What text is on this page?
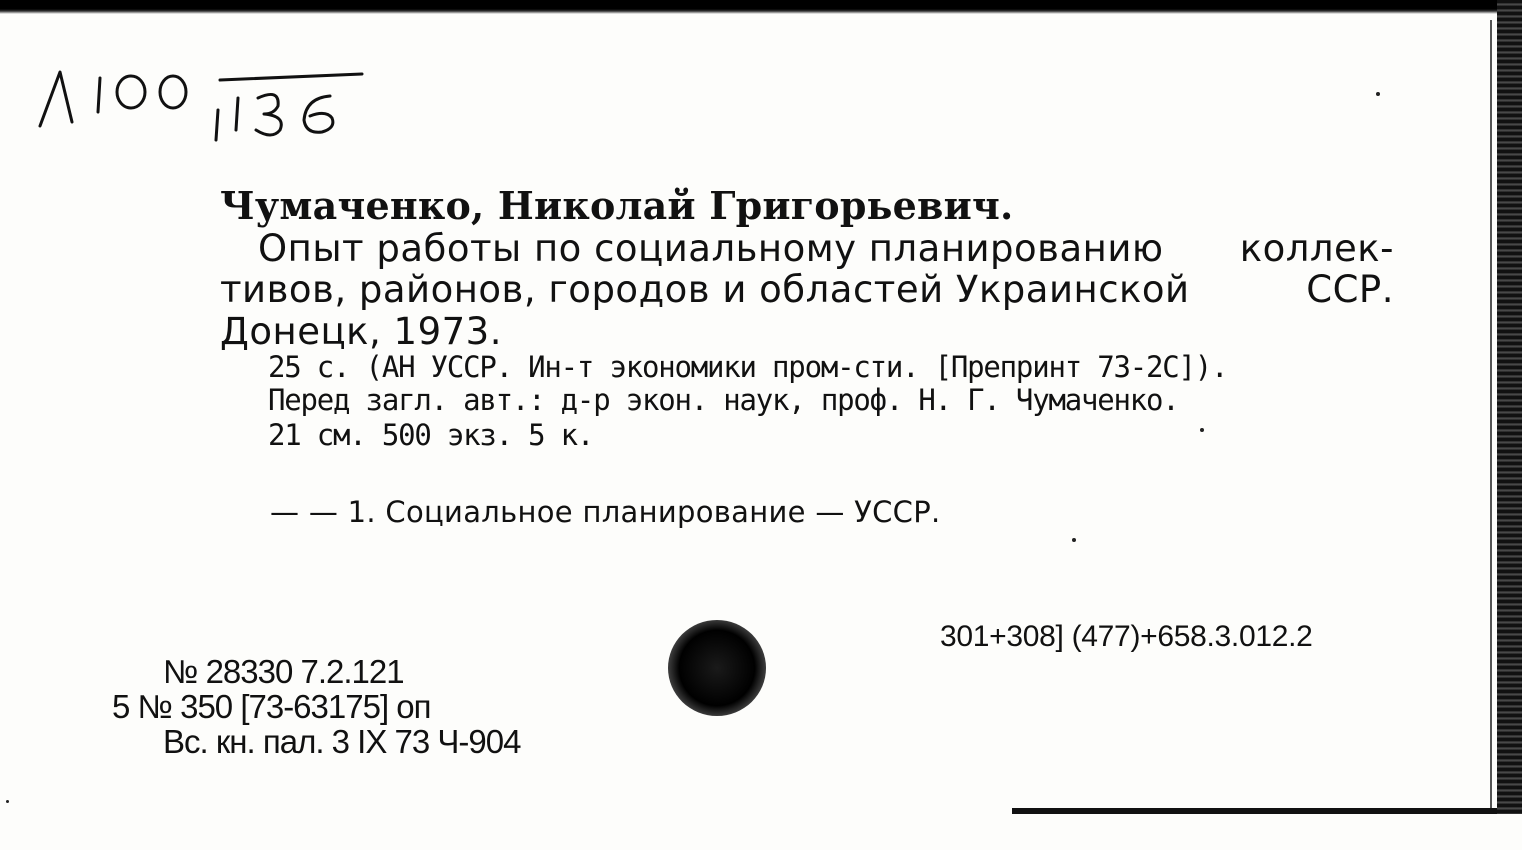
Чумаченко, Николай Григорьевич.

Опыт работы по социальному планированию коллек-
тивов, районов, городов и областей Украинской	ССР.

Донецк, 1973.

25 с. (АН УССР. Ин-т экономики пром-сти. [Препринт 73-2С]).

Перед загл. авт.: д-р экон. наук, проф. Н. Г. Чумаченко.

21 см. 500 экз. 5 к.

— — 1. Социальное планирование — УССР.

301+308] (477)+658.3.012.2

№ 28330 7.2.121

5 № 350 [73-63175] оп

Вс. кн. пал. 3 IX 73 Ч-904
